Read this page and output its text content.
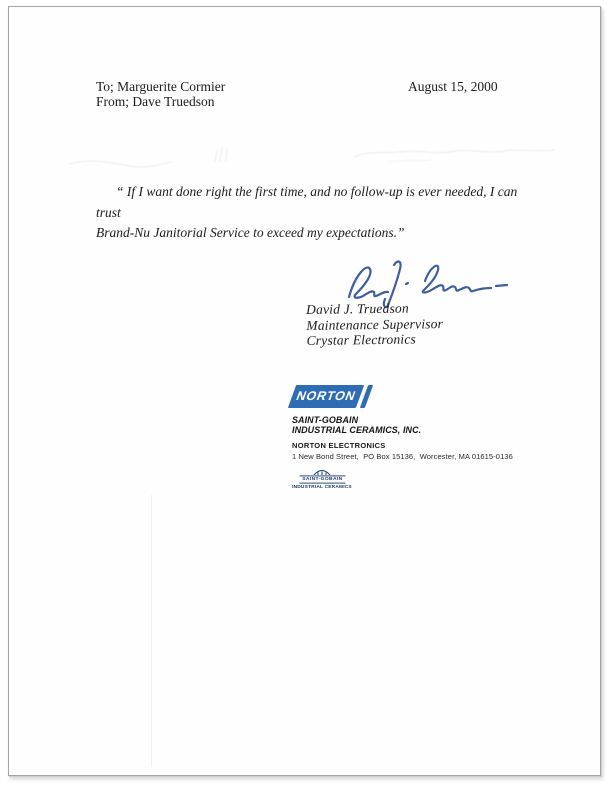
To; Marguerite Cormier
From; Dave Truedson
August 15, 2000
“ If I want done right the first time, and no follow-up is ever needed, I can trust
Brand-Nu Janitorial Service to exceed my expectations.”
David J. Truedson
Maintenance Supervisor
Crystar Electronics
NORTON
SAINT-GOBAIN
INDUSTRIAL CERAMICS, INC.
NORTON ELECTRONICS
1 New Bond Street,  PO Box 15136,  Worcester, MA 01615-0136
SAINT-GOBAIN
INDUSTRIAL CERAMICS
